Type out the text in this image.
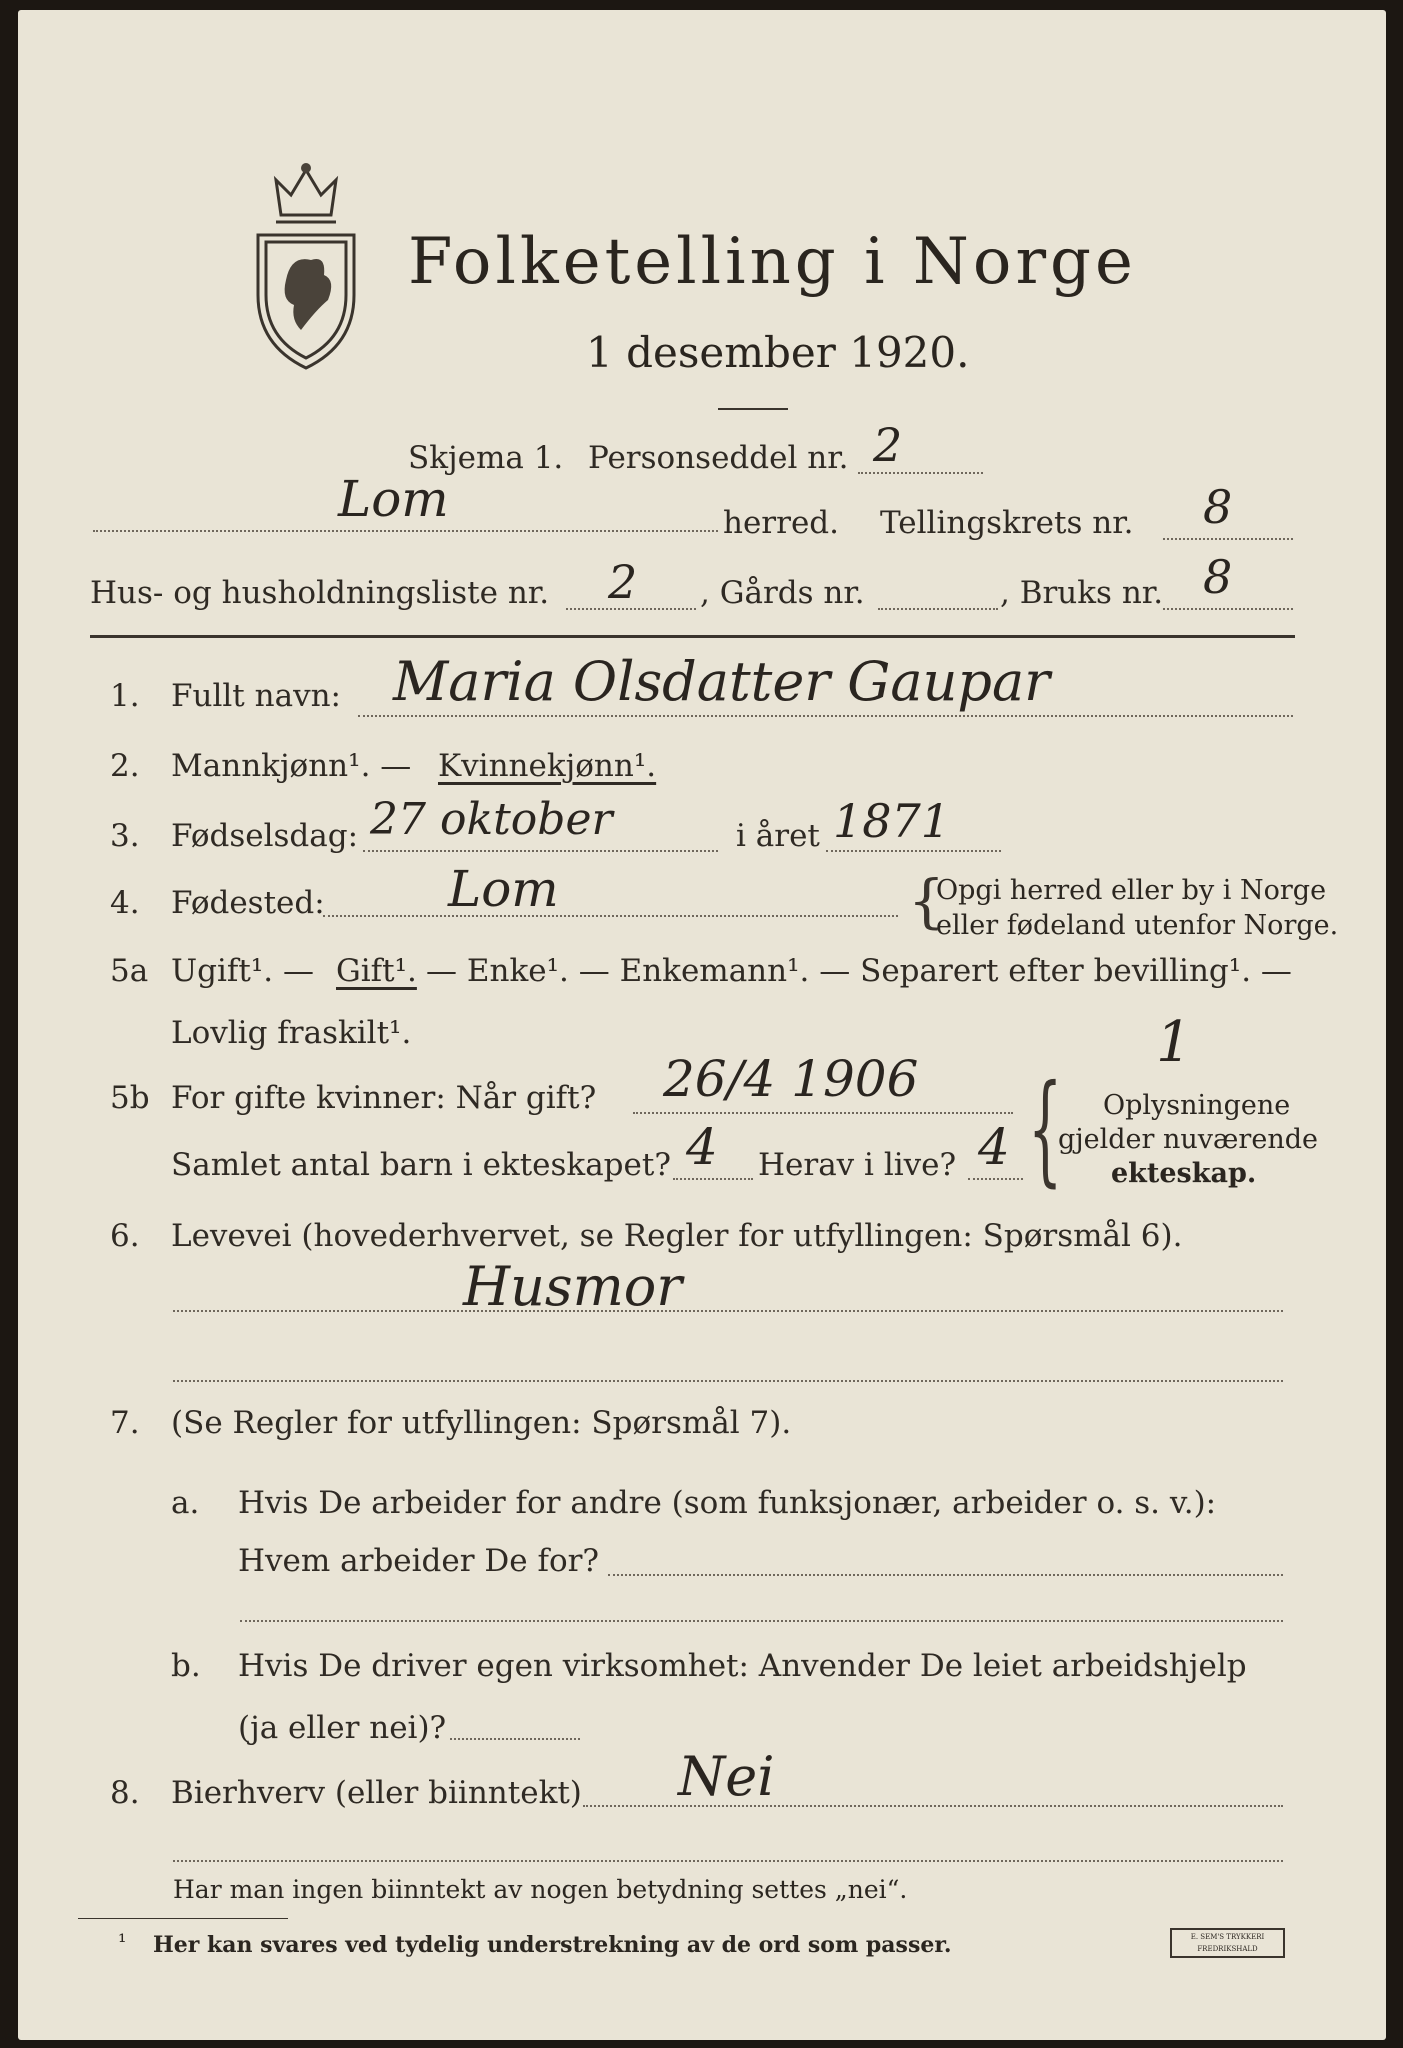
Folketelling i Norge
1 desember 1920.
Skjema 1. Personseddel nr. 2
Lom	herred. Tellingskrets nr. 8
Hus- og husholdningsliste nr. 2 , Gårds nr.	, Bruks nr. 8
1. Fullt navn: Maria Olsdatter Gaupar
2. Mannkjønn¹. — Kvinnekjønn¹.
3. Fødselsdag: 27 oktober	i året 1871
4. Fødested: Lom	{
Opgi herred eller by i Norge
eller fødeland utenfor Norge.
5a Ugift¹. — Gift¹. — Enke¹. — Enkemann¹. — Separert efter bevilling¹. —
Lovlig fraskilt¹.	1
5b For gifte kvinner: Når gift? 26/4 1906
Samlet antal barn i ekteskapet? 4 Herav i live? 4 { Oplysningene
gjelder nuværende
ekteskap.
6. Levevei (hovederhvervet, se Regler for utfyllingen: Spørsmål 6).
Husmor
7. (Se Regler for utfyllingen: Spørsmål 7).
a. Hvis De arbeider for andre (som funksjonær, arbeider o. s. v.):
Hvem arbeider De for?
b. Hvis De driver egen virksomhet: Anvender De leiet arbeidshjelp
(ja eller nei)?
8. Bierhverv (eller biinntekt) Nei
Har man ingen biinntekt av nogen betydning settes „nei“.
¹ Her kan svares ved tydelig understrekning av de ord som passer.	E. SEM'S TRYKKERI FREDRIKSHALD
